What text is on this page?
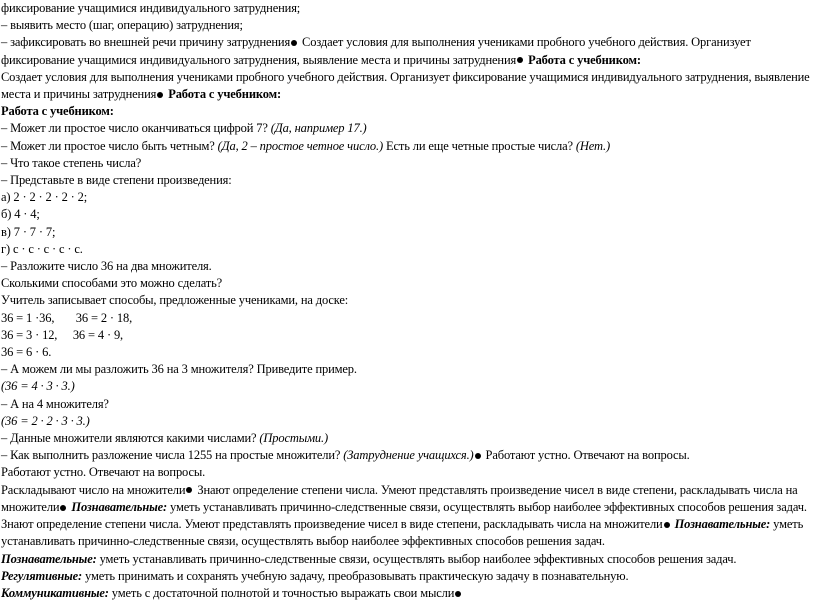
фиксирование учащимися индивидуального затруднения;
– выявить место (шаг, операцию) затруднения;
– зафиксировать во внешней речи причину затруднения Создает условия для выполнения учениками пробного учебного действия. Организует фиксирование учащимися индивидуального затруднения, выявление места и причины затруднения Работа с учебником:
Создает условия для выполнения учениками пробного учебного действия. Организует фиксирование учащимися индивидуального затруднения, выявление места и причины затруднения Работа с учебником:
Работа с учебником:
– Может ли простое число оканчиваться цифрой 7? (Да, например 17.)
– Может ли простое число быть четным? (Да, 2 – простое четное число.) Есть ли еще четные простые числа? (Нет.)
– Что такое степень числа?
– Представьте в виде степени произведения:
а) 2 · 2 · 2 · 2 · 2;
б) 4 · 4;
в) 7 · 7 · 7;
г) с · с · с · с · с.
– Разложите число 36 на два множителя.
Сколькими способами это можно сделать?
Учитель записывает способы, предложенные учениками, на доске:
36 = 1 ·36, 36 = 2 · 18,
36 = 3 · 12, 36 = 4 · 9,
36 = 6 · 6.
– А можем ли мы разложить 36 на 3 множителя? Приведите пример.
(36 = 4 · 3 · 3.)
– А на 4 множителя?
(36 = 2 · 2 · 3 · 3.)
– Данные множители являются какими числами? (Простыми.)
– Как выполнить разложение числа 1255 на простые множители? (Затруднение учащихся.) Работают устно. Отвечают на вопросы.
Работают устно. Отвечают на вопросы.
Раскладывают число на множители Знают определение степени числа. Умеют представлять произведение чисел в виде степени, раскладывать числа на множители Познавательные: уметь устанавливать причинно-следственные связи, осуществлять выбор наиболее эффективных способов решения задач.
Знают определение степени числа. Умеют представлять произведение чисел в виде степени, раскладывать числа на множители Познавательные: уметь устанавливать причинно-следственные связи, осуществлять выбор наиболее эффективных способов решения задач.
Познавательные: уметь устанавливать причинно-следственные связи, осуществлять выбор наиболее эффективных способов решения задач.
Регулятивные: уметь принимать и сохранять учебную задачу, преобразовывать практическую задачу в познавательную.
Коммуникативные: уметь с достаточной полнотой и точностью выражать свои мысли
